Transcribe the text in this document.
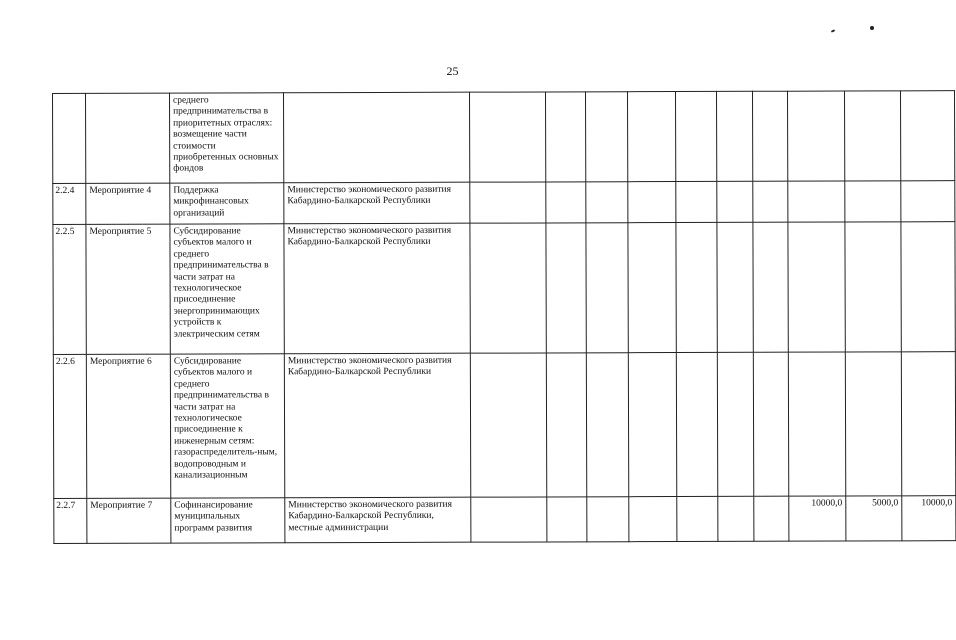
25
		среднего предпринимательства в приоритетных отраслях: возмещение части стоимости приобретенных основных фондов											
2.2.4	Мероприятие 4	Поддержка микрофинансовых организаций	Министерство экономического развития Кабардино-Балкарской Республики										
2.2.5	Мероприятие 5	Субсидирование субъектов малого и среднего предпринимательства в части затрат на технологическое присоединение энергопринимающих устройств к электрическим сетям	Министерство экономического развития Кабардино-Балкарской Республики										
2.2.6	Мероприятие 6	Субсидирование субъектов малого и среднего предпринимательства в части затрат на технологическое присоединение к инженерным сетям: газораспределитель-ным, водопроводным и канализационным	Министерство экономического развития Кабардино-Балкарской Республики										
2.2.7	Мероприятие 7	Софинансирование муниципальных программ развития	Министерство экономического развития Кабардино-Балкарской Республики, местные администрации								10000,0	5000,0	10000,0
